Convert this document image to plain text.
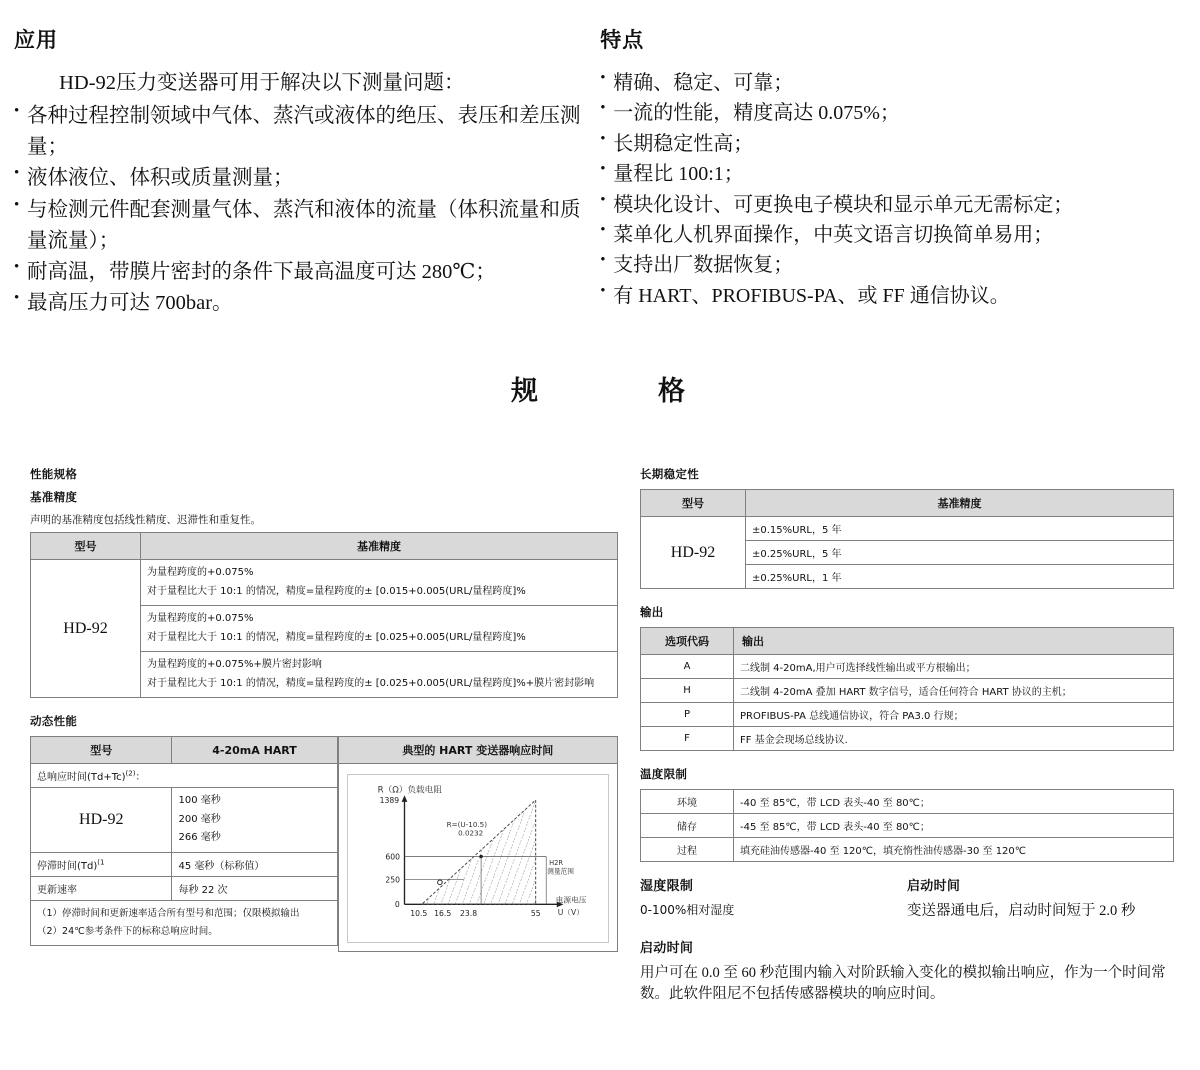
应用

HD-92压力变送器可用于解决以下测量问题：

• 各种过程控制领域中气体、蒸汽或液体的绝压、表压和差压测量；
• 液体液位、体积或质量测量；
• 与检测元件配套测量气体、蒸汽和液体的流量（体积流量和质量流量）；
• 耐高温，带膜片密封的条件下最高温度可达 280℃；
• 最高压力可达 700bar。
特点
• 精确、稳定、可靠；
• 一流的性能，精度高达 0.075%；
• 长期稳定性高；
• 量程比 100:1；
• 模块化设计、可更换电子模块和显示单元无需标定；
• 菜单化人机界面操作，中英文语言切换简单易用；
• 支持出厂数据恢复；
• 有 HART、PROFIBUS-PA、或 FF 通信协议。
规　　格
性能规格
基准精度
声明的基准精度包括线性精度、迟滞性和重复性。
型号	基准精度
HD-92	为量程跨度的+0.075%
对于量程比大于 10:1 的情况，精度=量程跨度的± [0.015+0.005(URL/量程跨度]%

	为量程跨度的+0.075%
对于量程比大于 10:1 的情况，精度=量程跨度的± [0.025+0.005(URL/量程跨度]%

	为量程跨度的+0.075%+膜片密封影响
对于量程比大于 10:1 的情况，精度=量程跨度的± [0.025+0.005(URL/量程跨度]%+膜片密封影响
动态性能
型号	4-20mA HART
总响应时间$(Td+Tc)^{(2)}$：	
HD-92	100 毫秒
200 毫秒
266 毫秒

停滞时间$(Td)^{(1}$	45 毫秒（标称值）
更新速率	每秒 22 次

（1）停滞时间和更新速率适合所有型号和范围；仅限模拟输出
（2）24℃参考条件下的标称总响应时间。	
典型的 HART 变送器响应时间
R（Ω）负载电阻
1389
600
250
0
R=(U-10.5)
0.0232
H2R
测量范围
10.5 16.5 23.8	55
电源电压
U（V）
长期稳定性
型号	基准精度
HD-92	±0.15%URL，5 年
	±0.25%URL，5 年
	±0.25%URL，1 年
输出
选项代码	输出
A	二线制 4-20mA,用户可选择线性输出或平方根输出；
H	二线制 4-20mA 叠加 HART 数字信号，适合任何符合 HART 协议的主机；
P	PROFIBUS-PA 总线通信协议，符合 PA3.0 行规；
F	FF 基金会现场总线协议.
温度限制
环境	-40 至 85℃，带 LCD 表头-40 至 80℃；
储存	-45 至 85℃，带 LCD 表头-40 至 80℃；
过程	填充硅油传感器-40 至 120℃，填充惰性油传感器-30 至 120℃
湿度限制
0-100%相对湿度
启动时间
变送器通电后，启动时间短于 2.0 秒
启动时间

用户可在 0.0 至 60 秒范围内输入对阶跃输入变化的模拟输出响应，作为一个时间常数。此软件阻尼不包括传感器模块的响应时间。
